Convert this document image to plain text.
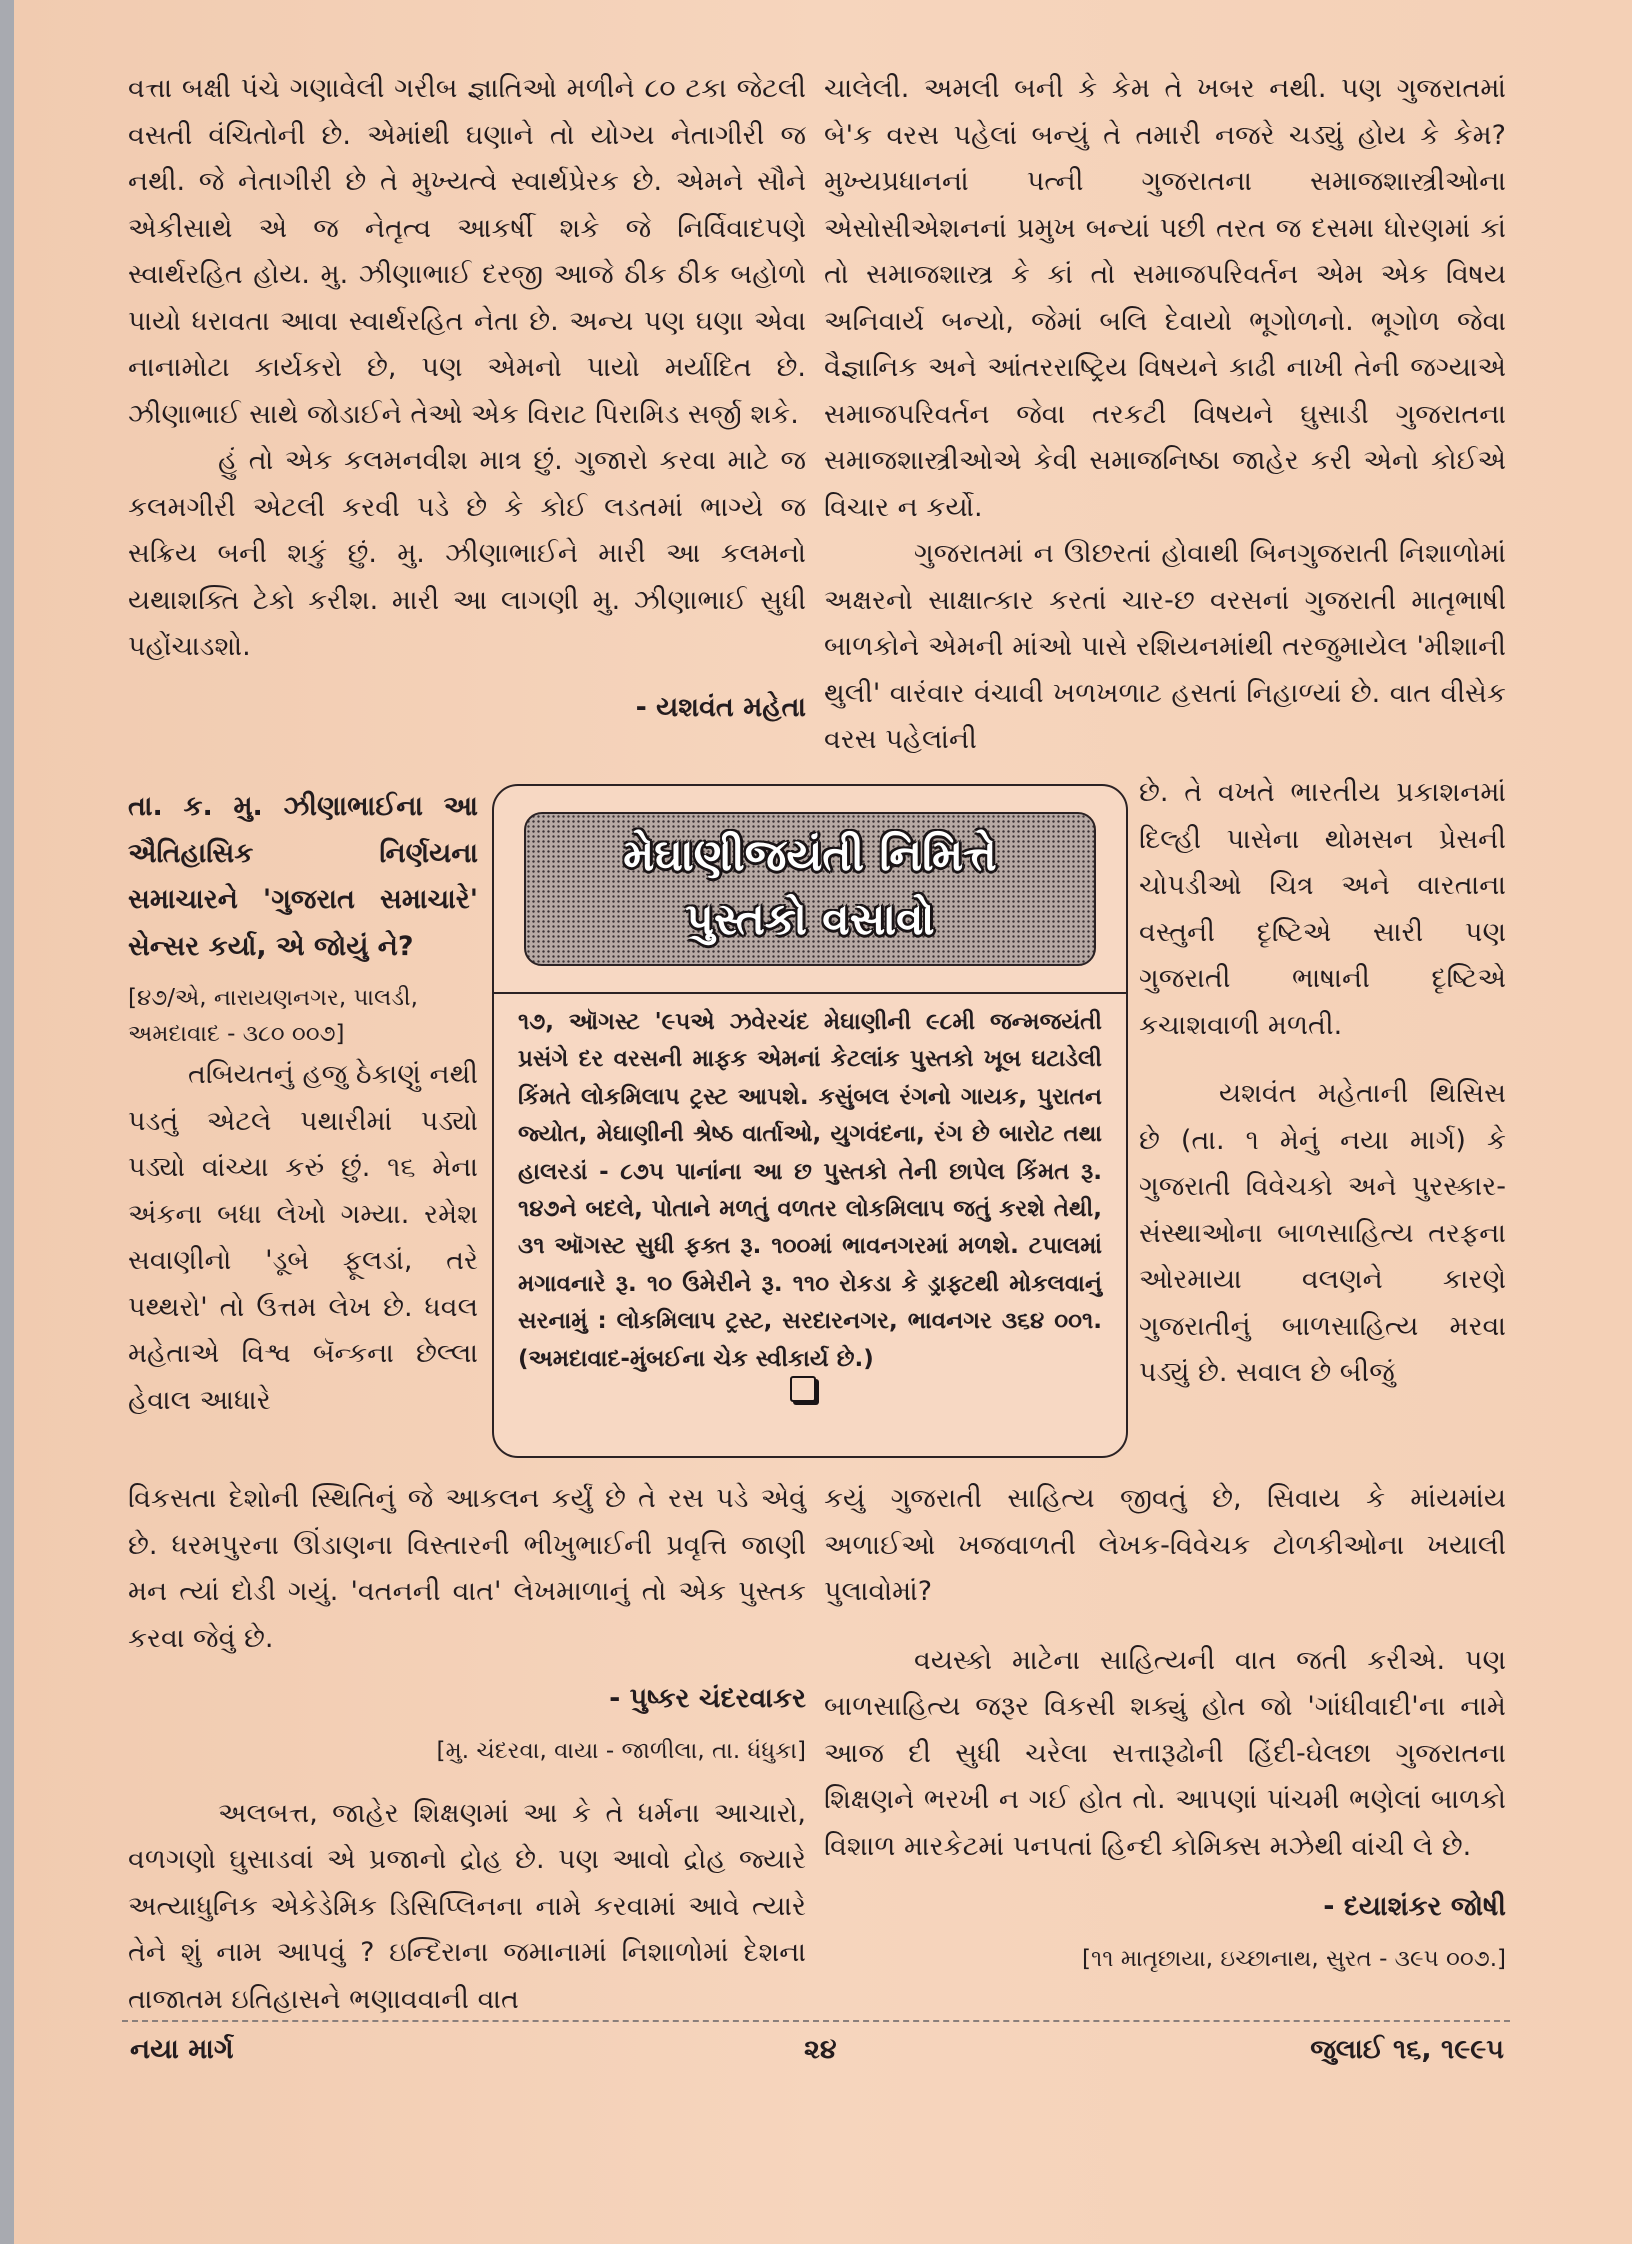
વત્તા બક્ષી પંચે ગણાવેલી ગરીબ જ્ઞાતિઓ મળીને ૮૦ ટકા જેટલી વસતી વંચિતોની છે. એમાંથી ઘણાને તો યોગ્ય નેતાગીરી જ નથી. જે નેતાગીરી છે તે મુખ્યત્વે સ્વાર્થપ્રેરક છે. એમને સૌને એકીસાથે એ જ નેતૃત્વ આકર્ષી શકે જે નિર્વિવાદપણે સ્વાર્થરહિત હોય. મુ. ઝીણાભાઈ દરજી આજે ઠીક ઠીક બહોળો પાયો ધરાવતા આવા સ્વાર્થરહિત નેતા છે. અન્ય પણ ઘણા એવા નાનામોટા કાર્યકરો છે, પણ એમનો પાયો મર્યાદિત છે. ઝીણાભાઈ સાથે જોડાઈને તેઓ એક વિરાટ પિરામિડ સર્જી શકે.

હું તો એક કલમનવીશ માત્ર છું. ગુજારો કરવા માટે જ કલમગીરી એટલી કરવી પડે છે કે કોઈ લડતમાં ભાગ્યે જ સક્રિય બની શકું છું. મુ. ઝીણાભાઈને મારી આ કલમનો યથાશક્તિ ટેકો કરીશ. મારી આ લાગણી મુ. ઝીણાભાઈ સુધી પહોંચાડશો.

- યશવંત મહેતા

ચાલેલી. અમલી બની કે કેમ તે ખબર નથી. પણ ગુજરાતમાં બે'ક વરસ પહેલાં બન્યું તે તમારી નજરે ચડ્યું હોય કે કેમ? મુખ્યપ્રધાનનાં પત્ની ગુજરાતના સમાજશાસ્ત્રીઓના એસોસીએશનનાં પ્રમુખ બન્યાં પછી તરત જ દસમા ધોરણમાં કાં તો સમાજશાસ્ત્ર કે કાં તો સમાજપરિવર્તન એમ એક વિષય અનિવાર્ય બન્યો, જેમાં બલિ દેવાયો ભૂગોળનો. ભૂગોળ જેવા વૈજ્ઞાનિક અને આંતરરાષ્ટ્રિય વિષયને કાઢી નાખી તેની જગ્યાએ સમાજપરિવર્તન જેવા તરકટી વિષયને ઘુસાડી ગુજરાતના સમાજશાસ્ત્રીઓએ કેવી સમાજનિષ્ઠા જાહેર કરી એનો કોઈએ વિચાર ન કર્યો.

ગુજરાતમાં ન ઊછરતાં હોવાથી બિનગુજરાતી નિશાળોમાં અક્ષરનો સાક્ષાત્કાર કરતાં ચાર-છ વરસનાં ગુજરાતી માતૃભાષી બાળકોને એમની માંઓ પાસે રશિયનમાંથી તરજુમાયેલ 'મીશાની થુલી' વારંવાર વંચાવી ખળખળાટ હસતાં નિહાળ્યાં છે. વાત વીસેક વરસ પહેલાંની

તા. ક. મુ. ઝીણાભાઈના આ ઐતિહાસિક નિર્ણયના સમાચારને 'ગુજરાત સમાચારે' સેન્સર કર્યા, એ જોયું ને?

[૪૭/એ, નારાયણનગર, પાલડી, અમદાવાદ - ૩૮૦ ૦૦૭]

તબિયતનું હજુ ઠેકાણું નથી પડતું એટલે પથારીમાં પડ્યો પડ્યો વાંચ્યા કરું છું. ૧૬ મેના અંકના બધા લેખો ગમ્યા. રમેશ સવાણીનો 'ડૂબે ફૂલડાં, તરે પથ્થરો' તો ઉત્તમ લેખ છે. ધવલ મહેતાએ વિશ્વ બૅન્કના છેલ્લા હેવાલ આધારે

છે. તે વખતે ભારતીય પ્રકાશનમાં દિલ્હી પાસેના થોમસન પ્રેસની ચોપડીઓ ચિત્ર અને વારતાના વસ્તુની દૃષ્ટિએ સારી પણ ગુજરાતી ભાષાની દૃષ્ટિએ કચાશવાળી મળતી.

યશવંત મહેતાની થિસિસ છે (તા. ૧ મેનું નયા માર્ગ) કે ગુજરાતી વિવેચકો અને પુરસ્કાર-સંસ્થાઓના બાળસાહિત્ય તરફના ઓરમાયા વલણને કારણે ગુજરાતીનું બાળસાહિત્ય મરવા પડ્યું છે. સવાલ છે બીજું

મેઘાણીજયંતી નિમિત્તે
પુસ્તકો વસાવો
૧૭, ઑગસ્ટ '૯૫એ ઝવેરચંદ મેઘાણીની ૯૮મી જન્મજયંતી પ્રસંગે દર વરસની માફક એમનાં કેટલાંક પુસ્તકો ખૂબ ઘટાડેલી કિંમતે લોકમિલાપ ટ્રસ્ટ આપશે. કસુંબલ રંગનો ગાયક, પુરાતન જ્યોત, મેઘાણીની શ્રેષ્ઠ વાર્તાઓ, યુગવંદના, રંગ છે બારોટ તથા હાલરડાં - ૮૭૫ પાનાંના આ છ પુસ્તકો તેની છાપેલ કિંમત રૂ. ૧૪૭ને બદલે, પોતાને મળતું વળતર લોકમિલાપ જતું કરશે તેથી, ૩૧ ઑગસ્ટ સુધી ફક્ત રૂ. ૧૦૦માં ભાવનગરમાં મળશે. ટપાલમાં મગાવનારે રૂ. ૧૦ ઉમેરીને રૂ. ૧૧૦ રોકડા કે ડ્રાફ્ટથી મોકલવાનું સરનામું : લોકમિલાપ ટ્રસ્ટ, સરદારનગર, ભાવનગર ૩૬૪ ૦૦૧. (અમદાવાદ-મુંબઈના ચેક સ્વીકાર્ય છે.)

વિકસતા દેશોની સ્થિતિનું જે આકલન કર્યું છે તે રસ પડે એવું છે. ધરમપુરના ઊંડાણના વિસ્તારની ભીખુભાઈની પ્રવૃત્તિ જાણી મન ત્યાં દોડી ગયું. 'વતનની વાત' લેખમાળાનું તો એક પુસ્તક કરવા જેવું છે.

- પુષ્કર ચંદરવાકર

[મુ. ચંદરવા, વાયા - જાળીલા, તા. ધંધુકા]

અલબત્ત, જાહેર શિક્ષણમાં આ કે તે ધર્મના આચારો, વળગણો ઘુસાડવાં એ પ્રજાનો દ્રોહ છે. પણ આવો દ્રોહ જ્યારે અત્યાધુનિક એકેડેમિક ડિસિપ્લિનના નામે કરવામાં આવે ત્યારે તેને શું નામ આપવું ? ઇન્દિરાના જમાનામાં નિશાળોમાં દેશના તાજાતમ ઇતિહાસને ભણાવવાની વાત

કયું ગુજરાતી સાહિત્ય જીવતું છે, સિવાય કે માંયમાંય અળાઈઓ ખજવાળતી લેખક-વિવેચક ટોળકીઓના ખયાલી પુલાવોમાં?

વયસ્કો માટેના સાહિત્યની વાત જતી કરીએ. પણ બાળસાહિત્ય જરૂર વિકસી શક્યું હોત જો 'ગાંધીવાદી'ના નામે આજ દી સુધી ચરેલા સત્તારૂઢોની હિંદી-ઘેલછા ગુજરાતના શિક્ષણને ભરખી ન ગઈ હોત તો. આપણાં પાંચમી ભણેલાં બાળકો વિશાળ મારકેટમાં પનપતાં હિન્દી કોમિક્સ મઝેથી વાંચી લે છે.

- દયાશંકર જોષી

[૧૧ માતૃછાયા, ઇચ્છાનાથ, સુરત - ૩૯૫ ૦૦૭.]

નયા માર્ગ	૨૪	જુલાઈ ૧૬, ૧૯૯૫
